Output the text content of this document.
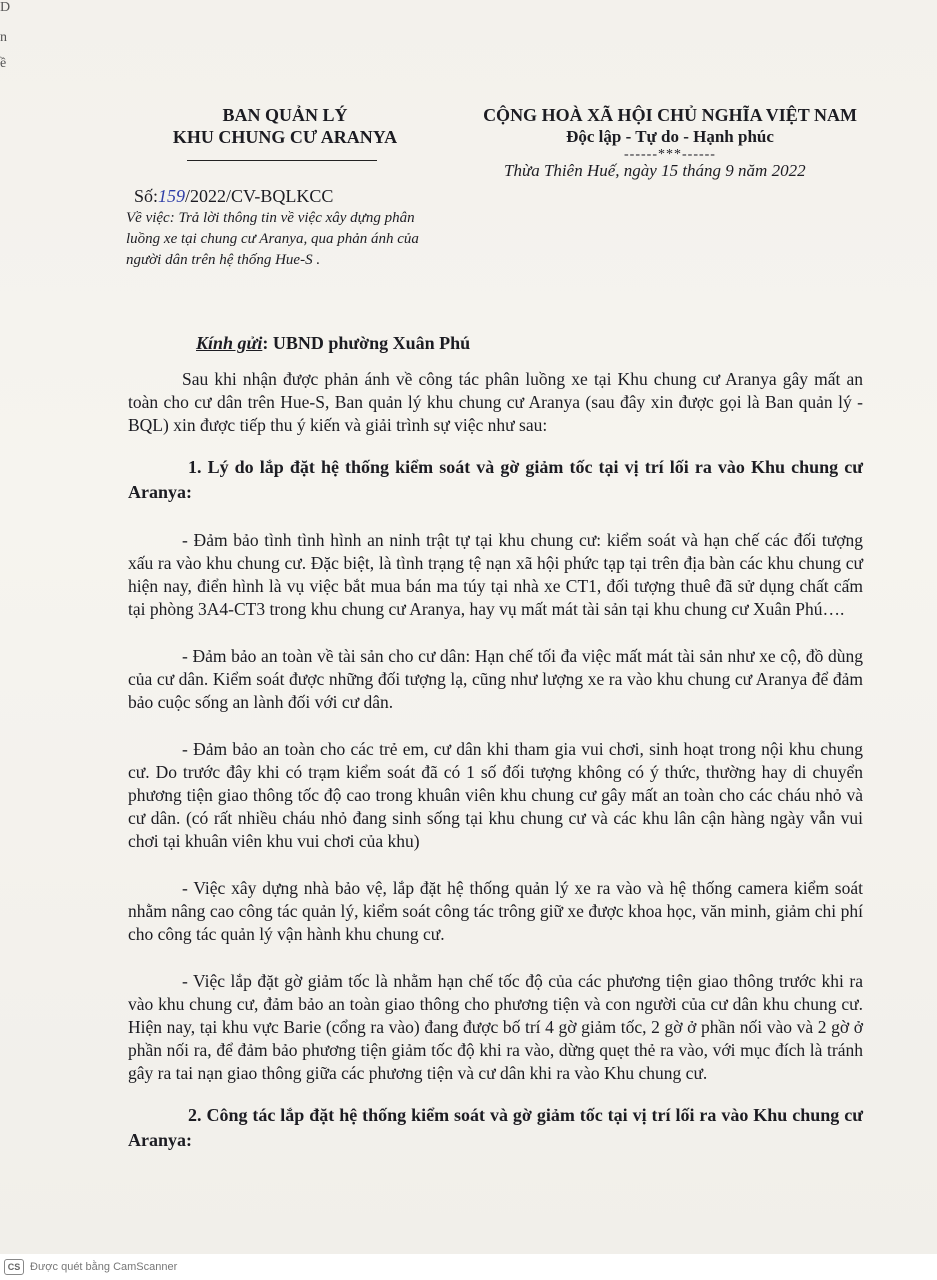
D
n
ề
BAN QUẢN LÝ
KHU CHUNG CƯ ARANYA
CỘNG HOÀ XÃ HỘI CHỦ NGHĨA VIỆT NAM
Độc lập - Tự do - Hạnh phúc
------***------
Thừa Thiên Huế, ngày 15 tháng 9 năm 2022
Số:159/2022/CV-BQLKCC
Về việc: Trả lời thông tin về việc xây dựng phân luồng xe tại chung cư Aranya, qua phản ánh của người dân trên hệ thống Hue-S .
Kính gửi: UBND phường Xuân Phú

Sau khi nhận được phản ánh về công tác phân luồng xe tại Khu chung cư Aranya gây mất an toàn cho cư dân trên Hue-S, Ban quản lý khu chung cư Aranya (sau đây xin được gọi là Ban quản lý - BQL) xin được tiếp thu ý kiến và giải trình sự việc như sau:

1. Lý do lắp đặt hệ thống kiểm soát và gờ giảm tốc tại vị trí lối ra vào Khu chung cư Aranya:

- Đảm bảo tình tình hình an ninh trật tự tại khu chung cư: kiểm soát và hạn chế các đối tượng xấu ra vào khu chung cư. Đặc biệt, là tình trạng tệ nạn xã hội phức tạp tại trên địa bàn các khu chung cư hiện nay, điển hình là vụ việc bắt mua bán ma túy tại nhà xe CT1, đối tượng thuê đã sử dụng chất cấm tại phòng 3A4-CT3 trong khu chung cư Aranya, hay vụ mất mát tài sản tại khu chung cư Xuân Phú….

- Đảm bảo an toàn về tài sản cho cư dân: Hạn chế tối đa việc mất mát tài sản như xe cộ, đồ dùng của cư dân. Kiểm soát được những đối tượng lạ, cũng như lượng xe ra vào khu chung cư Aranya để đảm bảo cuộc sống an lành đối với cư dân.

- Đảm bảo an toàn cho các trẻ em, cư dân khi tham gia vui chơi, sinh hoạt trong nội khu chung cư. Do trước đây khi có trạm kiểm soát đã có 1 số đối tượng không có ý thức, thường hay di chuyển phương tiện giao thông tốc độ cao trong khuân viên khu chung cư gây mất an toàn cho các cháu nhỏ và cư dân. (có rất nhiều cháu nhỏ đang sinh sống tại khu chung cư và các khu lân cận hàng ngày vẫn vui chơi tại khuân viên khu vui chơi của khu)

- Việc xây dựng nhà bảo vệ, lắp đặt hệ thống quản lý xe ra vào và hệ thống camera kiểm soát nhằm nâng cao công tác quản lý, kiểm soát công tác trông giữ xe được khoa học, văn minh, giảm chi phí cho công tác quản lý vận hành khu chung cư.

- Việc lắp đặt gờ giảm tốc là nhằm hạn chế tốc độ của các phương tiện giao thông trước khi ra vào khu chung cư, đảm bảo an toàn giao thông cho phương tiện và con người của cư dân khu chung cư. Hiện nay, tại khu vực Barie (cổng ra vào) đang được bố trí 4 gờ giảm tốc, 2 gờ ở phần nối vào và 2 gờ ở phần nối ra, để đảm bảo phương tiện giảm tốc độ khi ra vào, dừng quẹt thẻ ra vào, với mục đích là tránh gây ra tai nạn giao thông giữa các phương tiện và cư dân khi ra vào Khu chung cư.

2. Công tác lắp đặt hệ thống kiểm soát và gờ giảm tốc tại vị trí lối ra vào Khu chung cư Aranya:

CS Được quét bằng CamScanner
